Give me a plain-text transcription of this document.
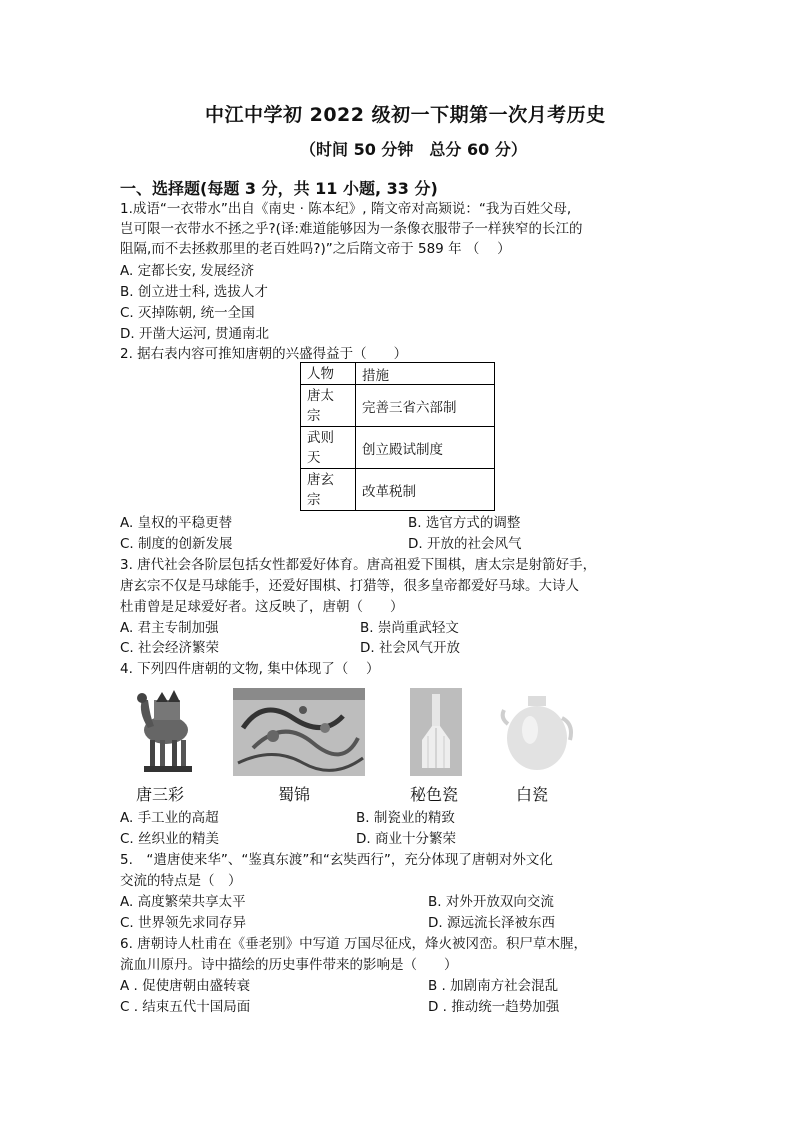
中江中学初 2022 级初一下期第一次月考历史
（时间 50 分钟　总分 60 分）
一、选择题(每题 3 分，共 11 小题, 33 分)
1.成语“一衣带水”出自《南史 · 陈本纪》, 隋文帝对高颎说：“我为百姓父母,
岂可限一衣带水不拯之乎?(译:难道能够因为一条像衣服带子一样狭窄的长江的
阻隔,而不去拯救那里的老百姓吗?)”之后隋文帝于 589 年 （　 ）
A. 定都长安, 发展经济
B. 创立进士科, 选拔人才
C. 灭掉陈朝, 统一全国
D. 开凿大运河, 贯通南北
2. 据右表内容可推知唐朝的兴盛得益于（　　）
人物	措施

唐太
宗	完善三省六部制

武则
天	创立殿试制度

唐玄
宗	改革税制
A. 皇权的平稳更替	B. 选官方式的调整
C. 制度的创新发展	D. 开放的社会风气
3. 唐代社会各阶层包括女性都爱好体育。唐高祖爱下围棋，唐太宗是射箭好手，
唐玄宗不仅是马球能手，还爱好围棋、打猎等，很多皇帝都爱好马球。大诗人
杜甫曾是足球爱好者。这反映了，唐朝（　　）
A. 君主专制加强	B. 崇尚重武轻文
C. 社会经济繁荣	D. 社会风气开放
4. 下列四件唐朝的文物, 集中体现了（　 ）
唐三彩	蜀锦	秘色瓷	白瓷
A. 手工业的高超	B. 制瓷业的精致
C. 丝织业的精美	D. 商业十分繁荣
5.　“遣唐使来华”、“鉴真东渡”和“玄奘西行”，充分体现了唐朝对外文化
交流的特点是（　）
A. 高度繁荣共享太平	B. 对外开放双向交流
C. 世界领先求同存异	D. 源远流长泽被东西
6. 唐朝诗人杜甫在《垂老别》中写道 万国尽征戍，烽火被冈峦。积尸草木腥，
流血川原丹。诗中描绘的历史事件带来的影响是（　　）
A . 促使唐朝由盛转衰	B . 加剧南方社会混乱
C . 结束五代十国局面	D . 推动统一趋势加强
